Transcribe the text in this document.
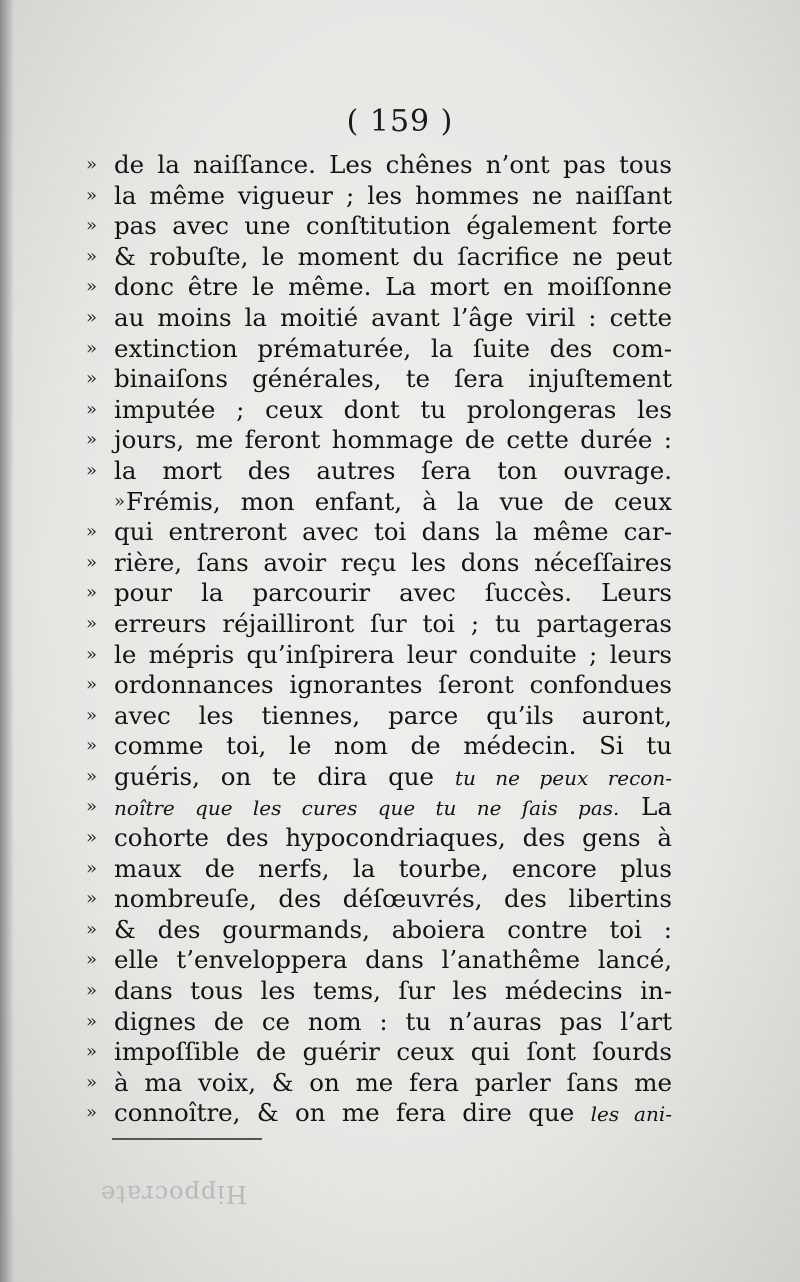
( 159 )
» de la naiſſance. Les chênes n’ont pas tous
» la même vigueur ; les hommes ne naiſſant
» pas avec une conſtitution également forte
» & robuſte, le moment du ſacrifice ne peut
» donc être le même. La mort en moiſſonne
» au moins la moitié avant l’âge viril : cette
» extinction prématurée, la ſuite des com-
» binaiſons générales, te ſera injuſtement
» imputée ; ceux dont tu prolongeras les
» jours, me feront hommage de cette durée :
» la mort des autres ſera ton ouvrage.
» Frémis, mon enfant, à la vue de ceux
» qui entreront avec toi dans la même car-
» rière, ſans avoir reçu les dons néceſſaires
» pour la parcourir avec ſuccès. Leurs
» erreurs réjailliront ſur toi ; tu partageras
» le mépris qu’inſpirera leur conduite ; leurs
» ordonnances ignorantes ſeront confondues
» avec les tiennes, parce qu’ils auront,
» comme toi, le nom de médecin. Si tu
» guéris, on te dira que tu ne peux recon-
» noître que les cures que tu ne ſais pas. La
» cohorte des hypocondriaques, des gens à
» maux de nerfs, la tourbe, encore plus
» nombreuſe, des déſœuvrés, des libertins
» & des gourmands, aboiera contre toi :
» elle t’enveloppera dans l’anathême lancé,
» dans tous les tems, ſur les médecins in-
» dignes de ce nom : tu n’auras pas l’art
» impoſſible de guérir ceux qui ſont ſourds
» à ma voix, & on me fera parler ſans me
» connoître, & on me fera dire que les ani-
Hippocrate
